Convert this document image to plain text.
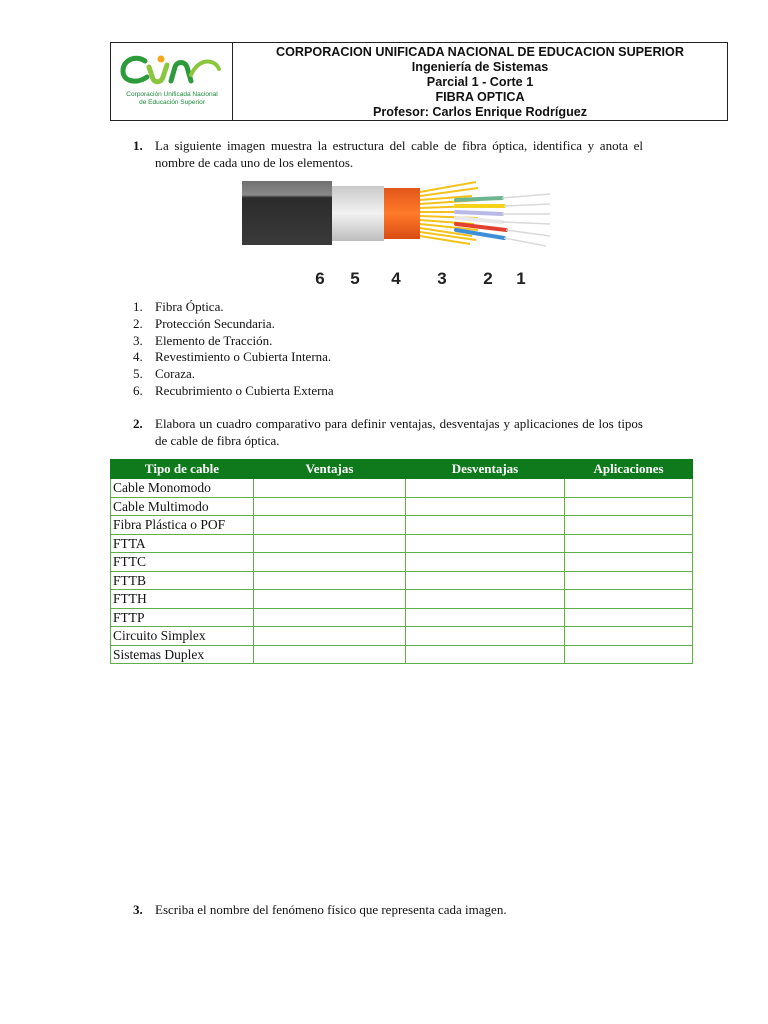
Corporación Unificada Nacional
de Educación Superior
CORPORACION UNIFICADA NACIONAL DE EDUCACION SUPERIOR
Ingeniería de Sistemas
Parcial 1 - Corte 1
FIBRA OPTICA
Profesor: Carlos Enrique Rodríguez
1. La siguiente imagen muestra la estructura del cable de fibra óptica, identifica y anota el nombre de cada uno de los elementos.
6 5 4 3 2 1
1. Fibra Óptica.
2. Protección Secundaria.
3. Elemento de Tracción.
4. Revestimiento o Cubierta Interna.
5. Coraza.
6. Recubrimiento o Cubierta Externa
2. Elabora un cuadro comparativo para definir ventajas, desventajas y aplicaciones de los tipos de cable de fibra óptica.
Tipo de cable	Ventajas	Desventajas	Aplicaciones
Cable Monomodo			
Cable Multimodo			
Fibra Plástica o POF			
FTTA			
FTTC			
FTTB			
FTTH			
FTTP			
Circuito Simplex			
Sistemas Duplex			
3. Escriba el nombre del fenómeno físico que representa cada imagen.
